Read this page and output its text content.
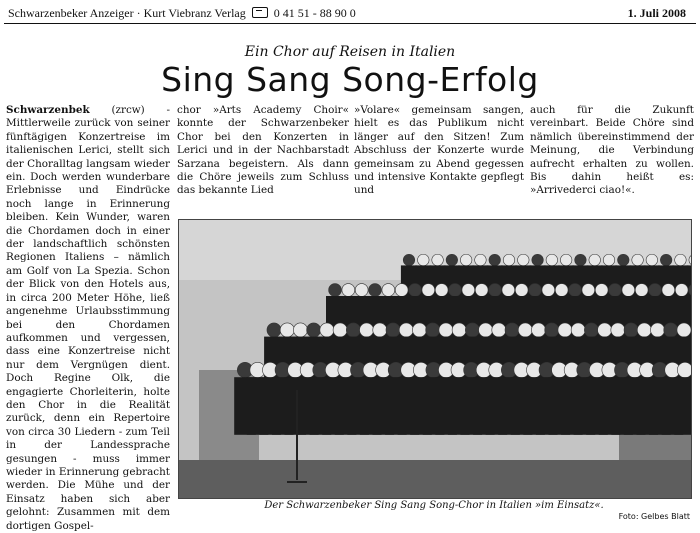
Schwarzenbeker Anzeiger · Kurt Viebranz Verlag 0 41 51 - 88 90 0	1. Juli 2008
Ein Chor auf Reisen in Italien
Sing Sang Song-Erfolg

Schwarzenbek (zrcw) - Mittlerweile zurück von seiner fünftägigen Konzertreise im italienischen Lerici, stellt sich der Choralltag langsam wieder ein. Doch werden wunderbare Erlebnisse und Eindrücke noch lange in Erinnerung bleiben. Kein Wunder, waren die Chordamen doch in einer der landschaftlich schönsten Regionen Italiens – nämlich am Golf von La Spezia. Schon der Blick von den Hotels aus, in circa 200 Meter Höhe, ließ angenehme Urlaubsstimmung bei den Chordamen aufkommen und vergessen, dass eine Konzertreise nicht nur dem Vergnügen dient. Doch Regine Olk, die engagierte Chorleiterin, holte den Chor in die Realität zurück, denn ein Repertoire von circa 30 Liedern - zum Teil in der Landessprache gesungen - muss immer wieder in Erinnerung gebracht werden. Die Mühe und der Einsatz haben sich aber gelohnt: Zusammen mit dem dortigen Gospel-

chor »Arts Academy Choir« konnte der Schwarzenbeker Chor bei den Konzerten in Lerici und in der Nachbarstadt Sarzana begeistern. Als dann die Chöre jeweils zum Schluss das bekannte Lied

»Volare« gemeinsam sangen, hielt es das Publikum nicht länger auf den Sitzen! Zum Abschluss der Konzerte wurde gemeinsam zu Abend gegessen und intensive Kontakte gepflegt und

auch für die Zukunft vereinbart. Beide Chöre sind nämlich übereinstimmend der Meinung, die Verbindung aufrecht erhalten zu wollen. Bis dahin heißt es: »Arrivederci ciao!«.

Der Schwarzenbeker Sing Sang Song-Chor in Italien »im Einsatz«.
Foto: Gelbes Blatt
